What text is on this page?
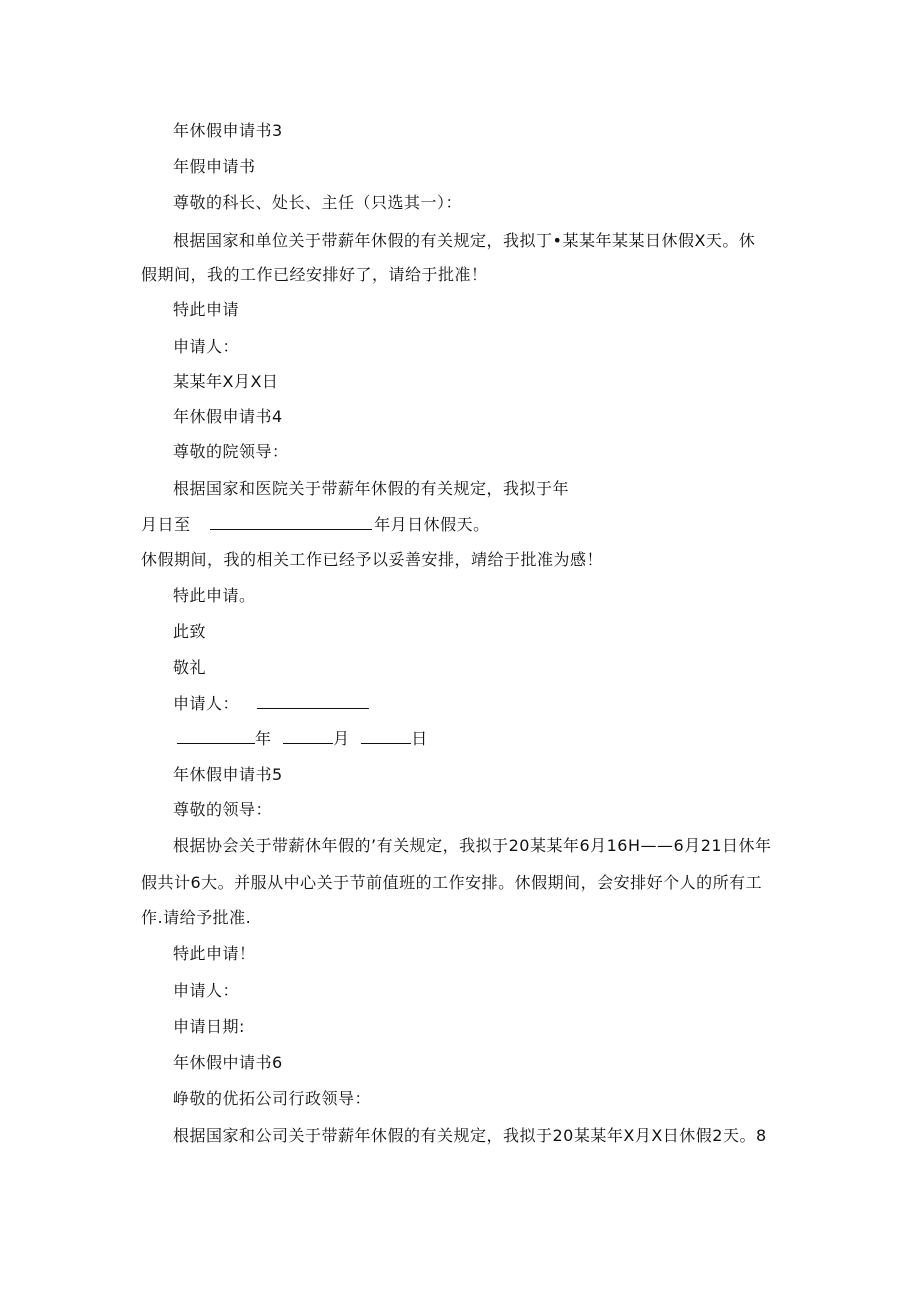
年休假申请书3
年假申请书
尊敬的科长、处长、主任（只选其一）：
根据国家和单位关于带薪年休假的有关规定，我拟丁•某某年某某日休假X天。休
假期间，我的工作已经安排好了，请给于批准！
特此申请
申请人：
某某年X月X日
年休假申请书4
尊敬的院领导：
根据国家和医院关于带薪年休假的有关规定，我拟于年
月日至	年月日休假天。
休假期间，我的相关工作已经予以妥善安排，靖给于批准为感！
特此申请。
此致
敬礼
申请人：
年	月	日
年休假申请书5
尊敬的领导：
根据协会关于带薪休年假的’有关规定，我拟于20某某年6月16H——6月21日休年
假共计6大。并服从中心关于节前值班的工作安排。休假期间，会安排好个人的所有工
作.请给予批准.
特此申请！
申请人：
申请日期:
年休假中请书6
峥敬的优拓公司行政领导：
根据国家和公司关于带薪年休假的有关规定，我拟于20某某年X月X日休假2天。8
